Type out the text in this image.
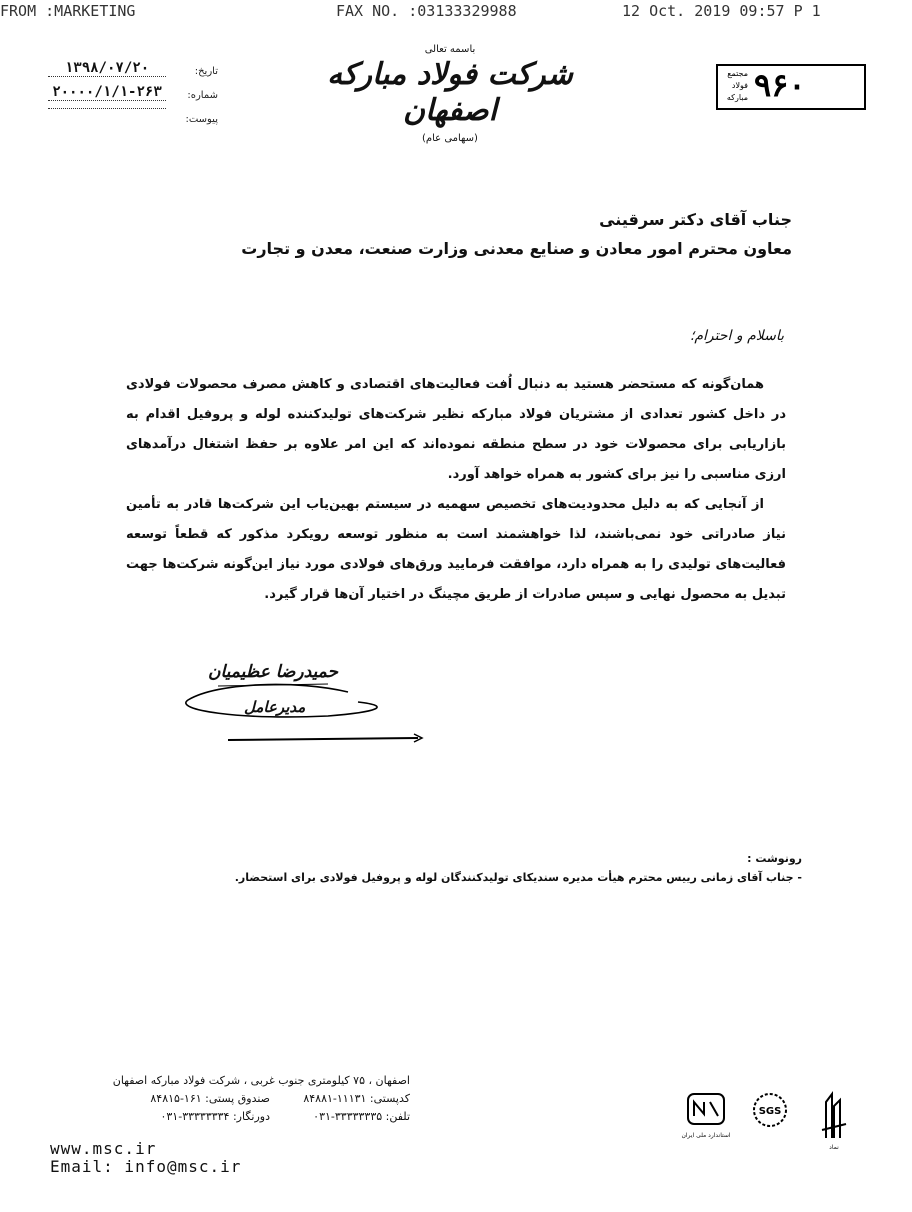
FROM :MARKETING	FAX NO. :03133329988	12 Oct. 2019 09:57 P 1
تاریخ:
۱۳۹۸/۰۷/۲۰
شماره:
۲۰۰۰۰/۱/۱-۲۶۳
پیوست:
باسمه تعالی
شرکت فولاد مبارکه اصفهان
(سهامی عام)
۹۶۰
مجتمع
فولاد
مبارکه
جناب آقای دکتر سرقینی
معاون محترم امور معادن و صنایع معدنی وزارت صنعت، معدن و تجارت
باسلام و احترام؛

همان‌گونه که مستحضر هستید به دنبال اُفت فعالیت‌های اقتصادی و کاهش مصرف محصولات فولادی در داخل کشور تعدادی از مشتریان فولاد مبارکه نظیر شرکت‌های تولیدکننده لوله و پروفیل اقدام به بازاریابی برای محصولات خود در سطح منطقه نموده‌اند که این امر علاوه بر حفظ اشتغال درآمدهای ارزی مناسبی را نیز برای کشور به همراه خواهد آورد.

از آنجایی که به دلیل محدودیت‌های تخصیص سهمیه در سیستم بهین‌یاب این شرکت‌ها قادر به تأمین نیاز صادراتی خود نمی‌باشند، لذا خواهشمند است به منظور توسعه رویکرد مذکور که قطعاً توسعه فعالیت‌های تولیدی را به همراه دارد، موافقت فرمایید ورق‌های فولادی مورد نیاز این‌گونه شرکت‌ها جهت تبدیل به محصول نهایی و سپس صادرات از طریق مچینگ در اختیار آن‌ها قرار گیرد.

حمیدرضا عظیمیان
مدیرعامل
رونوشت :
- جناب آقای زمانی رییس محترم هیأت مدیره سندیکای تولیدکنندگان لوله و پروفیل فولادی برای استحضار.
اصفهان ، ۷۵ کیلومتری جنوب غربی ، شرکت فولاد مبارکه اصفهان
کدپستی: ۱۱۱۳۱-۸۴۸۸۱
صندوق پستی: ۱۶۱-۸۴۸۱۵
تلفن: ۳۳۳۳۳۳۳۵-۰۳۱
دورنگار: ۳۳۳۳۳۳۳۴-۰۳۱
www.msc.ir
Email: info@msc.ir
استاندارد ملی ایران
SGS
نماد
